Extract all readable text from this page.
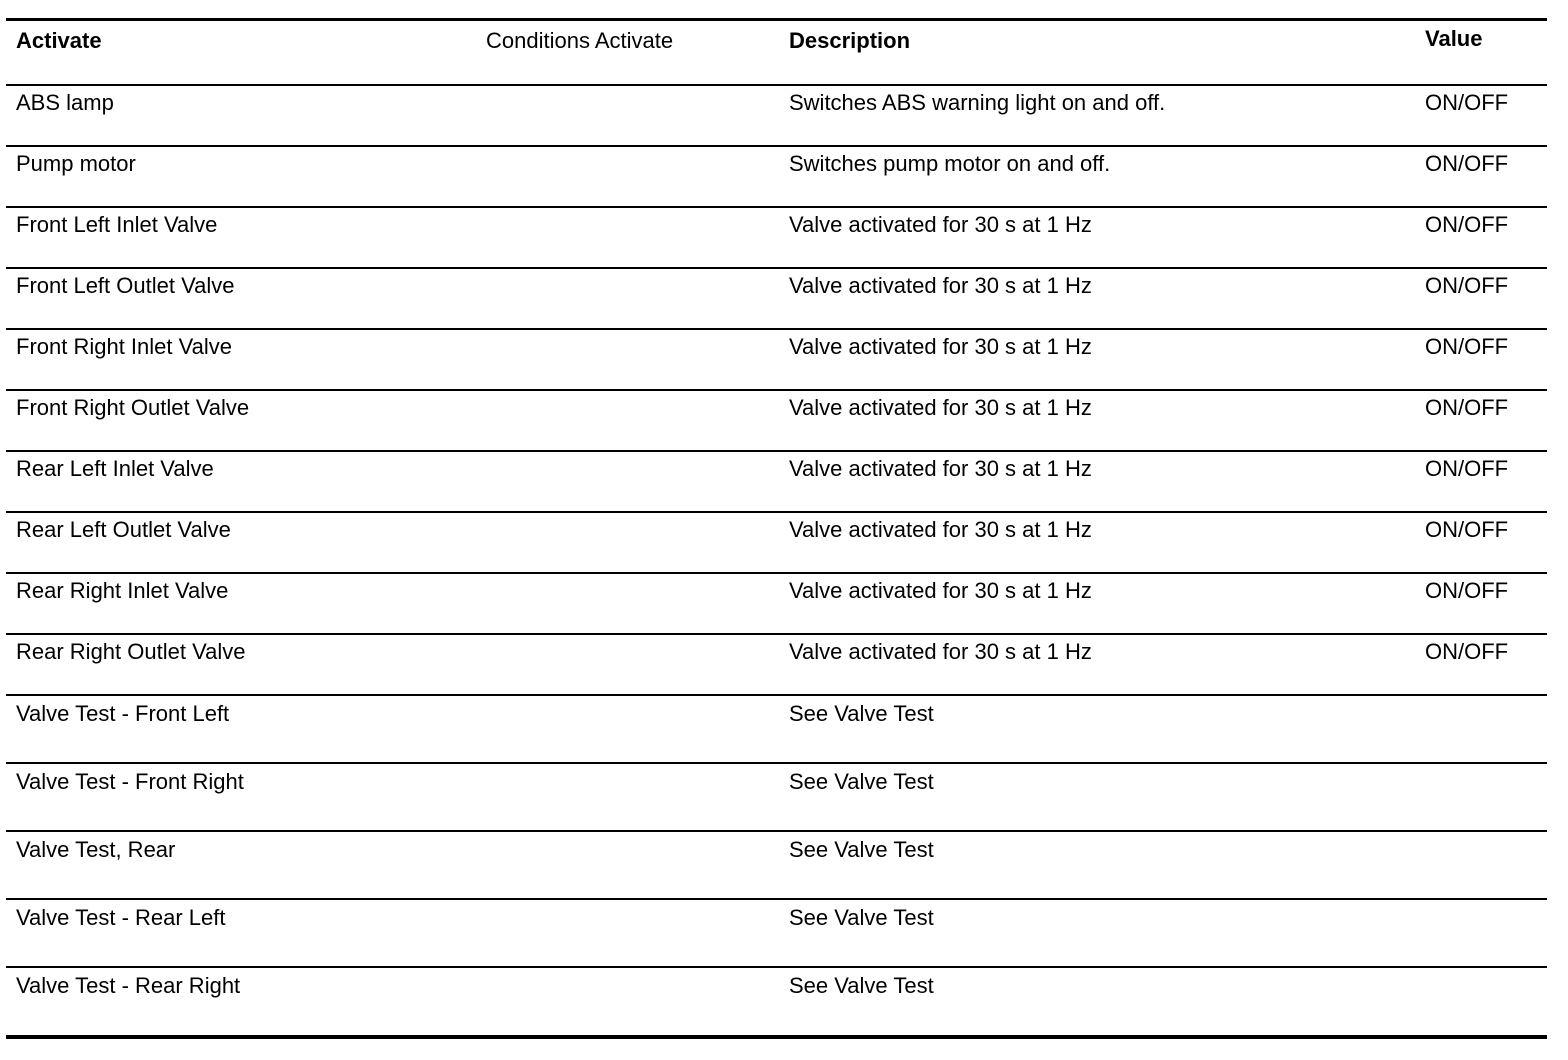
Activate	Conditions Activate	Description	Value
ABS lamp		Switches ABS warning light on and off.	ON/OFF
Pump motor		Switches pump motor on and off.	ON/OFF
Front Left Inlet Valve		Valve activated for 30 s at 1 Hz	ON/OFF
Front Left Outlet Valve		Valve activated for 30 s at 1 Hz	ON/OFF
Front Right Inlet Valve		Valve activated for 30 s at 1 Hz	ON/OFF
Front Right Outlet Valve		Valve activated for 30 s at 1 Hz	ON/OFF
Rear Left Inlet Valve		Valve activated for 30 s at 1 Hz	ON/OFF
Rear Left Outlet Valve		Valve activated for 30 s at 1 Hz	ON/OFF
Rear Right Inlet Valve		Valve activated for 30 s at 1 Hz	ON/OFF
Rear Right Outlet Valve		Valve activated for 30 s at 1 Hz	ON/OFF
Valve Test - Front Left		See Valve Test	
Valve Test - Front Right		See Valve Test	
Valve Test, Rear		See Valve Test	
Valve Test - Rear Left		See Valve Test	
Valve Test - Rear Right		See Valve Test	
